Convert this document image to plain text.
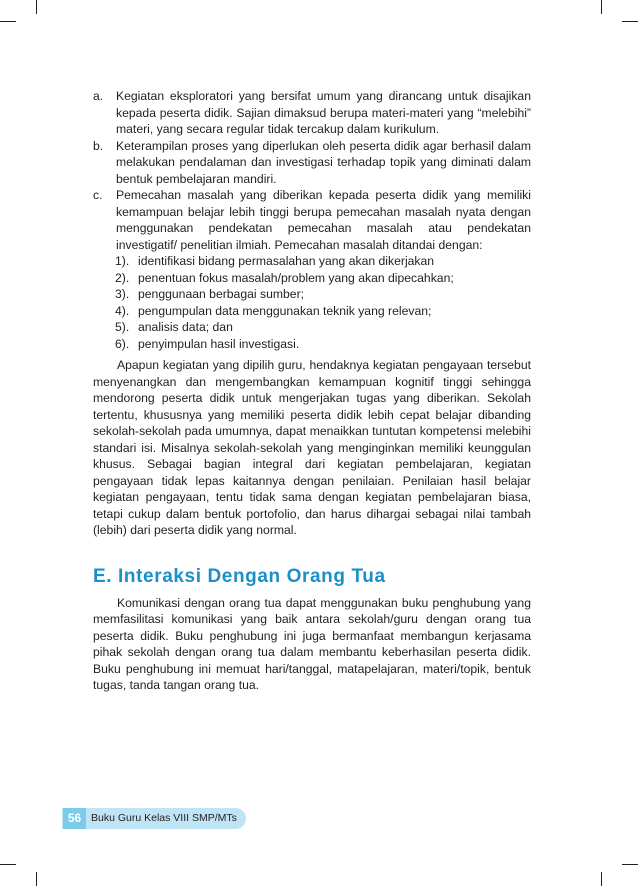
a. Kegiatan eksploratori yang bersifat umum yang dirancang untuk disajikan kepada peserta didik. Sajian dimaksud berupa materi-materi yang “melebihi” materi, yang secara regular tidak tercakup dalam kurikulum.
b. Keterampilan proses yang diperlukan oleh peserta didik agar berhasil dalam melakukan pendalaman dan investigasi terhadap topik yang diminati dalam bentuk pembelajaran mandiri.
c. Pemecahan masalah yang diberikan kepada peserta didik yang memiliki kemampuan belajar lebih tinggi berupa pemecahan masalah nyata dengan menggunakan pendekatan pemecahan masalah atau pendekatan investigatif/ penelitian ilmiah. Pemecahan masalah ditandai dengan:
1). identifikasi bidang permasalahan yang akan dikerjakan
2). penentuan fokus masalah/problem yang akan dipecahkan;
3). penggunaan berbagai sumber;
4). pengumpulan data menggunakan teknik yang relevan;
5). analisis data; dan
6). penyimpulan hasil investigasi.

Apapun kegiatan yang dipilih guru, hendaknya kegiatan pengayaan tersebut menyenangkan dan mengembangkan kemampuan kognitif tinggi sehingga mendorong peserta didik untuk mengerjakan tugas yang diberikan. Sekolah tertentu, khususnya yang memiliki peserta didik lebih cepat belajar dibanding sekolah-sekolah pada umumnya, dapat menaikkan tuntutan kompetensi melebihi standari isi. Misalnya sekolah-sekolah yang menginginkan memiliki keunggulan khusus. Sebagai bagian integral dari kegiatan pembelajaran, kegiatan pengayaan tidak lepas kaitannya dengan penilaian. Penilaian hasil belajar kegiatan pengayaan, tentu tidak sama dengan kegiatan pembelajaran biasa, tetapi cukup dalam bentuk portofolio, dan harus dihargai sebagai nilai tambah (lebih) dari peserta didik yang normal.

E. Interaksi Dengan Orang Tua

Komunikasi dengan orang tua dapat menggunakan buku penghubung yang memfasilitasi komunikasi yang baik antara sekolah/guru dengan orang tua peserta didik. Buku penghubung ini juga bermanfaat membangun kerjasama pihak sekolah dengan orang tua dalam membantu keberhasilan peserta didik. Buku penghubung ini memuat hari/tanggal, matapelajaran, materi/topik, bentuk tugas, tanda tangan orang tua.

56 Buku Guru Kelas VIII SMP/MTs
